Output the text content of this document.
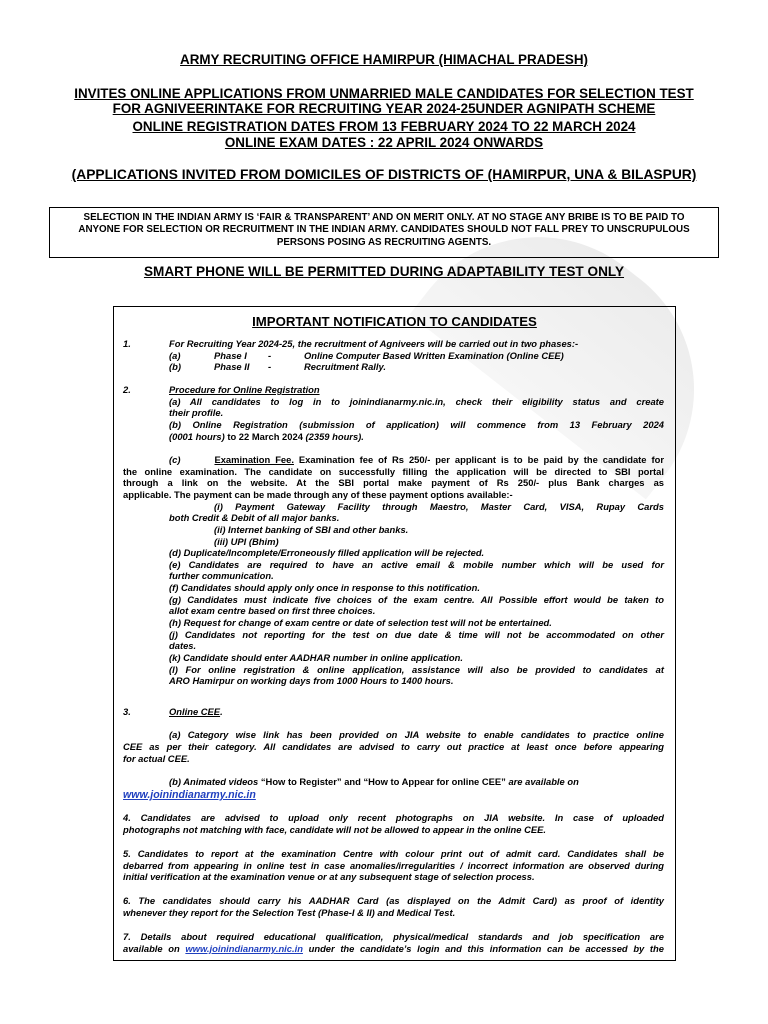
ARMY RECRUITING OFFICE HAMIRPUR (HIMACHAL PRADESH)
INVITES ONLINE APPLICATIONS FROM UNMARRIED MALE CANDIDATES FOR SELECTION TEST
FOR AGNIVEERINTAKE FOR RECRUITING YEAR 2024-25UNDER AGNIPATH SCHEME
ONLINE REGISTRATION DATES FROM 13 FEBRUARY 2024 TO 22 MARCH 2024
ONLINE EXAM DATES : 22 APRIL 2024 ONWARDS
(APPLICATIONS INVITED FROM DOMICILES OF DISTRICTS OF (HAMIRPUR, UNA & BILASPUR)
SELECTION IN THE INDIAN ARMY IS ‘FAIR & TRANSPARENT’ AND ON MERIT ONLY. AT NO STAGE ANY BRIBE IS TO BE PAID TO
ANYONE FOR SELECTION OR RECRUITMENT IN THE INDIAN ARMY. CANDIDATES SHOULD NOT FALL PREY TO UNSCRUPULOUS
PERSONS POSING AS RECRUITING AGENTS.
SMART PHONE WILL BE PERMITTED DURING ADAPTABILITY TEST ONLY
IMPORTANT NOTIFICATION TO CANDIDATES
1.	For Recruiting Year 2024-25, the recruitment of Agniveers will be carried out in two phases:-
(a)	Phase I -	Online Computer Based Written Examination (Online CEE)
(b)	Phase II -	Recruitment Rally.
2.	Procedure for Online Registration
(a) All candidates to log in to joinindianarmy.nic.in, check their eligibility status and create
their profile.
(b) Online Registration (submission of application) will commence from 13 February 2024
(0001 hours) to 22 March 2024 (2359 hours).
(c)	Examination Fee. Examination fee of Rs 250/- per applicant is to be paid by the candidate for
the online examination. The candidate on successfully filling the application will be directed to SBI portal
through a link on the website. At the SBI portal make payment of Rs 250/- plus Bank charges as
applicable. The payment can be made through any of these payment options available:-
(i) Payment Gateway Facility through Maestro, Master Card, VISA, Rupay Cards
both Credit & Debit of all major banks.
(ii) Internet banking of SBI and other banks.
(iii) UPI (Bhim)
(d) Duplicate/Incomplete/Erroneously filled application will be rejected.
(e) Candidates are required to have an active email & mobile number which will be used for
further communication.
(f) Candidates should apply only once in response to this notification.
(g) Candidates must indicate five choices of the exam centre. All Possible effort would be taken to
allot exam centre based on first three choices.
(h) Request for change of exam centre or date of selection test will not be entertained.
(j) Candidates not reporting for the test on due date & time will not be accommodated on other
dates.
(k) Candidate should enter AADHAR number in online application.
(l) For online registration & online application, assistance will also be provided to candidates at
ARO Hamirpur on working days from 1000 Hours to 1400 hours.
3.	Online CEE.
(a) Category wise link has been provided on JIA website to enable candidates to practice online
CEE as per their category. All candidates are advised to carry out practice at least once before appearing
for actual CEE.
(b) Animated videos “How to Register” and “How to Appear for online CEE” are available on
www.joinindianarmy.nic.in
4. Candidates are advised to upload only recent photographs on JIA website. In case of uploaded
photographs not matching with face, candidate will not be allowed to appear in the online CEE.
5. Candidates to report at the examination Centre with colour print out of admit card. Candidates shall be
debarred from appearing in online test in case anomalies/irregularities / incorrect information are observed during
initial verification at the examination venue or at any subsequent stage of selection process.
6. The candidates should carry his AADHAR Card (as displayed on the Admit Card) as proof of identity
whenever they report for the Selection Test (Phase-I & II) and Medical Test.
7. Details about required educational qualification, physical/medical standards and job specification are
available on www.joinindianarmy.nic.in under the candidate’s login and this information can be accessed by the
